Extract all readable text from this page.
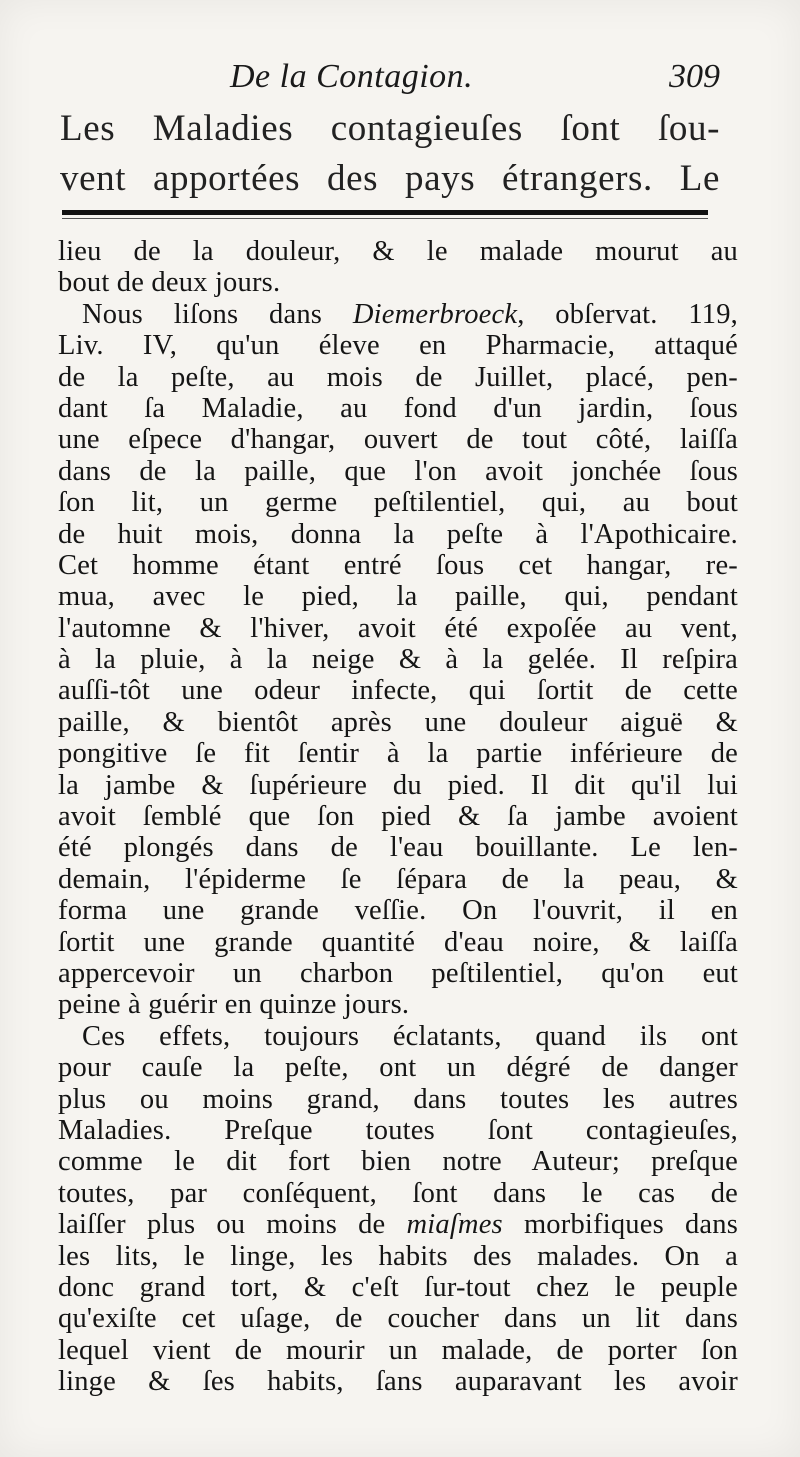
De la Contagion.	309
Les Maladies contagieuſes ſont ſou-
vent apportées des pays étrangers. Le
lieu de la douleur, & le malade mourut au
bout de deux jours.
Nous liſons dans Diemerbroeck, obſervat. 119,
Liv. IV, qu'un éleve en Pharmacie, attaqué
de la peſte, au mois de Juillet, placé, pen-
dant ſa Maladie, au fond d'un jardin, ſous
une eſpece d'hangar, ouvert de tout côté, laiſſa
dans de la paille, que l'on avoit jonchée ſous
ſon lit, un germe peſtilentiel, qui, au bout
de huit mois, donna la peſte à l'Apothicaire.
Cet homme étant entré ſous cet hangar, re-
mua, avec le pied, la paille, qui, pendant
l'automne & l'hiver, avoit été expoſée au vent,
à la pluie, à la neige & à la gelée. Il reſpira
auſſi-tôt une odeur infecte, qui ſortit de cette
paille, & bientôt après une douleur aiguë &
pongitive ſe fit ſentir à la partie inférieure de
la jambe & ſupérieure du pied. Il dit qu'il lui
avoit ſemblé que ſon pied & ſa jambe avoient
été plongés dans de l'eau bouillante. Le len-
demain, l'épiderme ſe ſépara de la peau, &
forma une grande veſſie. On l'ouvrit, il en
ſortit une grande quantité d'eau noire, & laiſſa
appercevoir un charbon peſtilentiel, qu'on eut
peine à guérir en quinze jours.
Ces effets, toujours éclatants, quand ils ont
pour cauſe la peſte, ont un dégré de danger
plus ou moins grand, dans toutes les autres
Maladies. Preſque toutes ſont contagieuſes,
comme le dit fort bien notre Auteur; preſque
toutes, par conſéquent, ſont dans le cas de
laiſſer plus ou moins de miaſmes morbifiques dans
les lits, le linge, les habits des malades. On a
donc grand tort, & c'eſt ſur-tout chez le peuple
qu'exiſte cet uſage, de coucher dans un lit dans
lequel vient de mourir un malade, de porter ſon
linge & ſes habits, ſans auparavant les avoir
